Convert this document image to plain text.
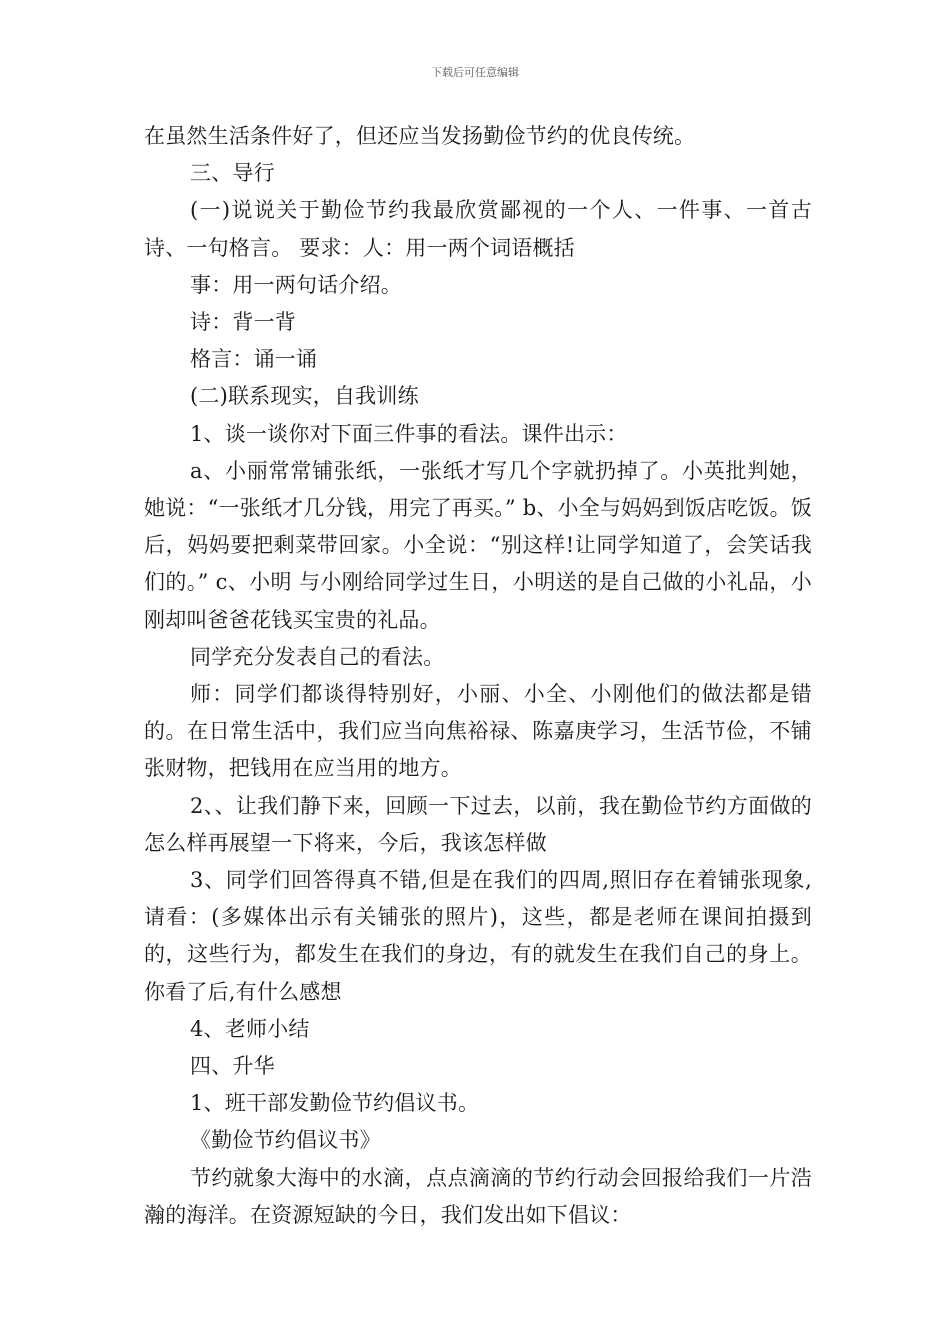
下载后可任意编辑

在虽然生活条件好了，但还应当发扬勤俭节约的优良传统。

三、导行

(一)说说关于勤俭节约我最欣赏鄙视的一个人、一件事、一首古诗、一句格言。 要求：人：用一两个词语概括

事：用一两句话介绍。

诗：背一背

格言：诵一诵

(二)联系现实，自我训练

1、谈一谈你对下面三件事的看法。课件出示：

a、小丽常常铺张纸，一张纸才写几个字就扔掉了。小英批判她，她说：“一张纸才几分钱，用完了再买。” b、小全与妈妈到饭店吃饭。饭后，妈妈要把剩菜带回家。小全说：“别这样!让同学知道了，会笑话我们的。” c、小明 与小刚给同学过生日，小明送的是自己做的小礼品，小刚却叫爸爸花钱买宝贵的礼品。

同学充分发表自己的看法。

师：同学们都谈得特别好，小丽、小全、小刚他们的做法都是错的。在日常生活中，我们应当向焦裕禄、陈嘉庚学习，生活节俭，不铺张财物，把钱用在应当用的地方。

2、、让我们静下来，回顾一下过去，以前，我在勤俭节约方面做的怎么样再展望一下将来，今后，我该怎样做

3、同学们回答得真不错,但是在我们的四周,照旧存在着铺张现象,请看：(多媒体出示有关铺张的照片)，这些，都是老师在课间拍摄到的，这些行为，都发生在我们的身边，有的就发生在我们自己的身上。你看了后,有什么感想

4、老师小结

四、升华

1、班干部发勤俭节约倡议书。

《勤俭节约倡议书》

节约就象大海中的水滴，点点滴滴的节约行动会回报给我们一片浩瀚的海洋。在资源短缺的今日，我们发出如下倡议：
